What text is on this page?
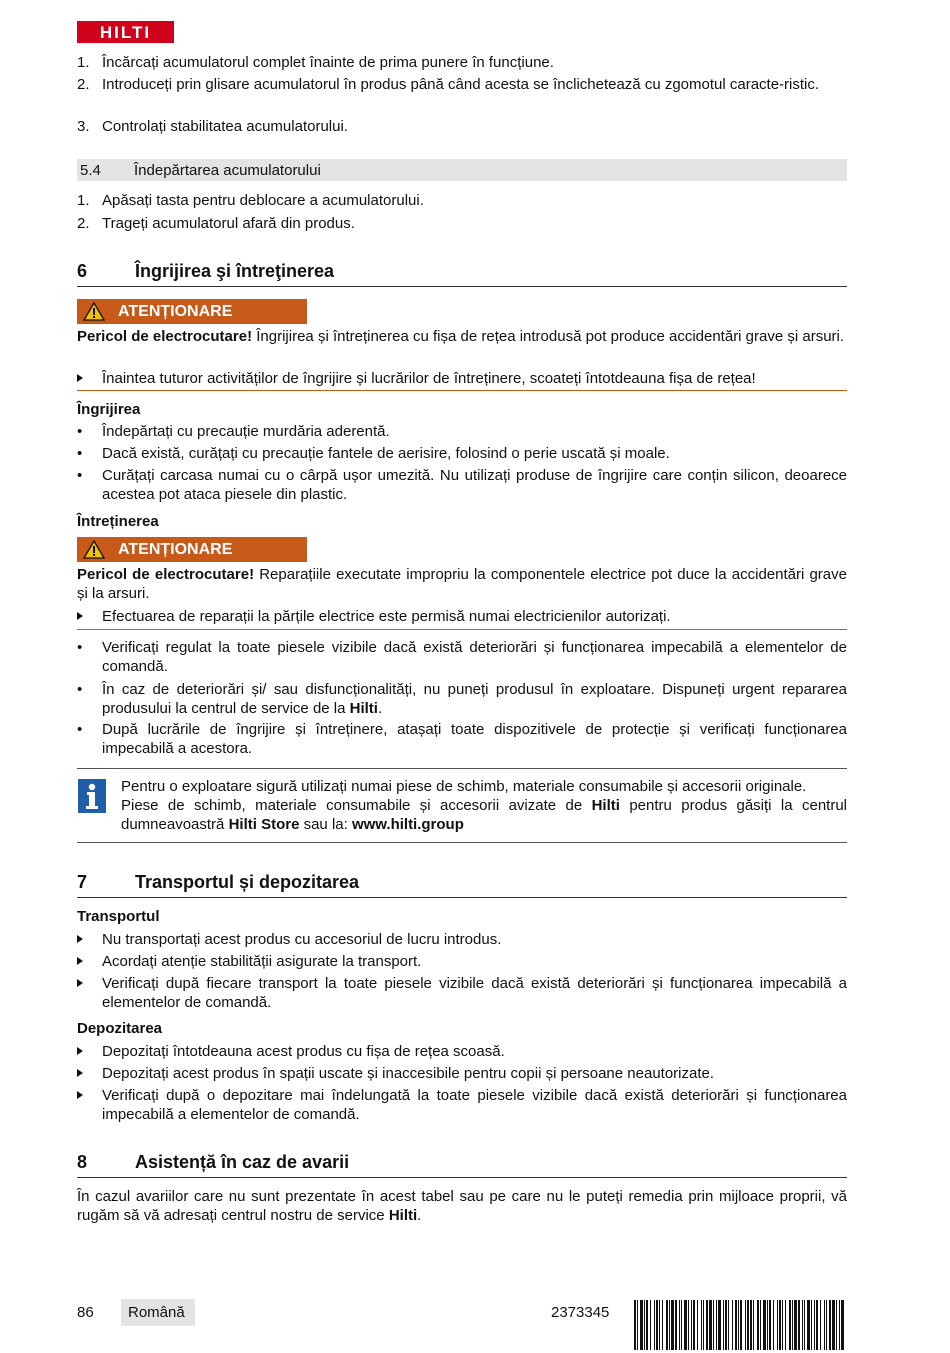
HILTI
1. Încărcați acumulatorul complet înainte de prima punere în funcțiune.
2. Introduceți prin glisare acumulatorul în produs până când acesta se înclichetează cu zgomotul caracte-ristic.
3. Controlați stabilitatea acumulatorului.
5.4 Îndepărtarea acumulatorului
1. Apăsați tasta pentru deblocare a acumulatorului.
2. Trageți acumulatorul afară din produs.
6	Îngrijirea şi întreţinerea
ATENȚIONARE
Pericol de electrocutare! Îngrijirea și întreținerea cu fișa de rețea introdusă pot produce accidentări grave și arsuri.
Înaintea tuturor activităților de îngrijire și lucrărilor de întreținere, scoateți întotdeauna fișa de rețea!
Îngrijirea
•	Îndepărtați cu precauție murdăria aderentă.
•	Dacă există, curățați cu precauție fantele de aerisire, folosind o perie uscată și moale.
•	Curățați carcasa numai cu o cârpă ușor umezită. Nu utilizați produse de îngrijire care conțin silicon, deoarece acestea pot ataca piesele din plastic.
Întreținerea
ATENȚIONARE
Pericol de electrocutare! Reparațiile executate impropriu la componentele electrice pot duce la accidentări grave și la arsuri.
Efectuarea de reparații la părțile electrice este permisă numai electricienilor autorizați.
•	Verificați regulat la toate piesele vizibile dacă există deteriorări și funcționarea impecabilă a elementelor de comandă.
•	În caz de deteriorări și/ sau disfuncționalități, nu puneți produsul în exploatare. Dispuneți urgent repararea produsului la centrul de service de la Hilti.
•	După lucrările de îngrijire și întreținere, atașați toate dispozitivele de protecție și verificați funcționarea impecabilă a acestora.
Pentru o exploatare sigură utilizați numai piese de schimb, materiale consumabile și accesorii originale.
Piese de schimb, materiale consumabile și accesorii avizate de Hilti pentru produs găsiți la centrul
dumneavoastră Hilti Store sau la: www.hilti.group
7	Transportul și depozitarea
Transportul
Nu transportați acest produs cu accesoriul de lucru introdus.
Acordați atenție stabilității asigurate la transport.
Verificați după fiecare transport la toate piesele vizibile dacă există deteriorări și funcționarea impecabilă a elementelor de comandă.
Depozitarea
Depozitați întotdeauna acest produs cu fișa de rețea scoasă.
Depozitați acest produs în spații uscate și inaccesibile pentru copii și persoane neautorizate.
Verificați după o depozitare mai îndelungată la toate piesele vizibile dacă există deteriorări și funcționarea impecabilă a elementelor de comandă.
8	Asistență în caz de avarii
În cazul avariilor care nu sunt prezentate în acest tabel sau pe care nu le puteți remedia prin mijloace proprii, vă rugăm să vă adresați centrul nostru de service Hilti.
86 Română	2373345
